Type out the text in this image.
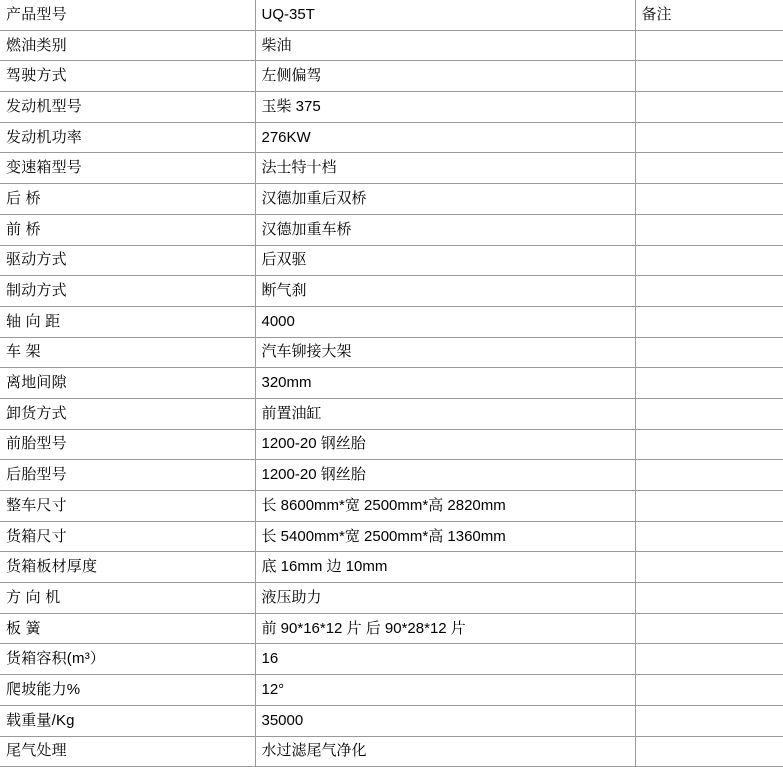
产品型号	UQ-35T	备注
燃油类别	柴油	
驾驶方式	左侧偏驾	
发动机型号	玉柴 375	
发动机功率	276KW	
变速箱型号	法士特十档	
后 桥	汉德加重后双桥	
前 桥	汉德加重车桥	
驱动方式	后双驱	
制动方式	断气刹	
轴 向 距	4000	
车 架	汽车铆接大架	
离地间隙	320mm	
卸货方式	前置油缸	
前胎型号	1200-20 钢丝胎	
后胎型号	1200-20 钢丝胎	
整车尺寸	长 8600mm*宽 2500mm*高 2820mm	
货箱尺寸	长 5400mm*宽 2500mm*高 1360mm	
货箱板材厚度	底 16mm 边 10mm	
方 向 机	液压助力	
板 簧	前 90*16*12 片 后 90*28*12 片	
货箱容积(m³）	16	
爬坡能力%	12°	
载重量/Kg	35000	
尾气处理	水过滤尾气净化	
